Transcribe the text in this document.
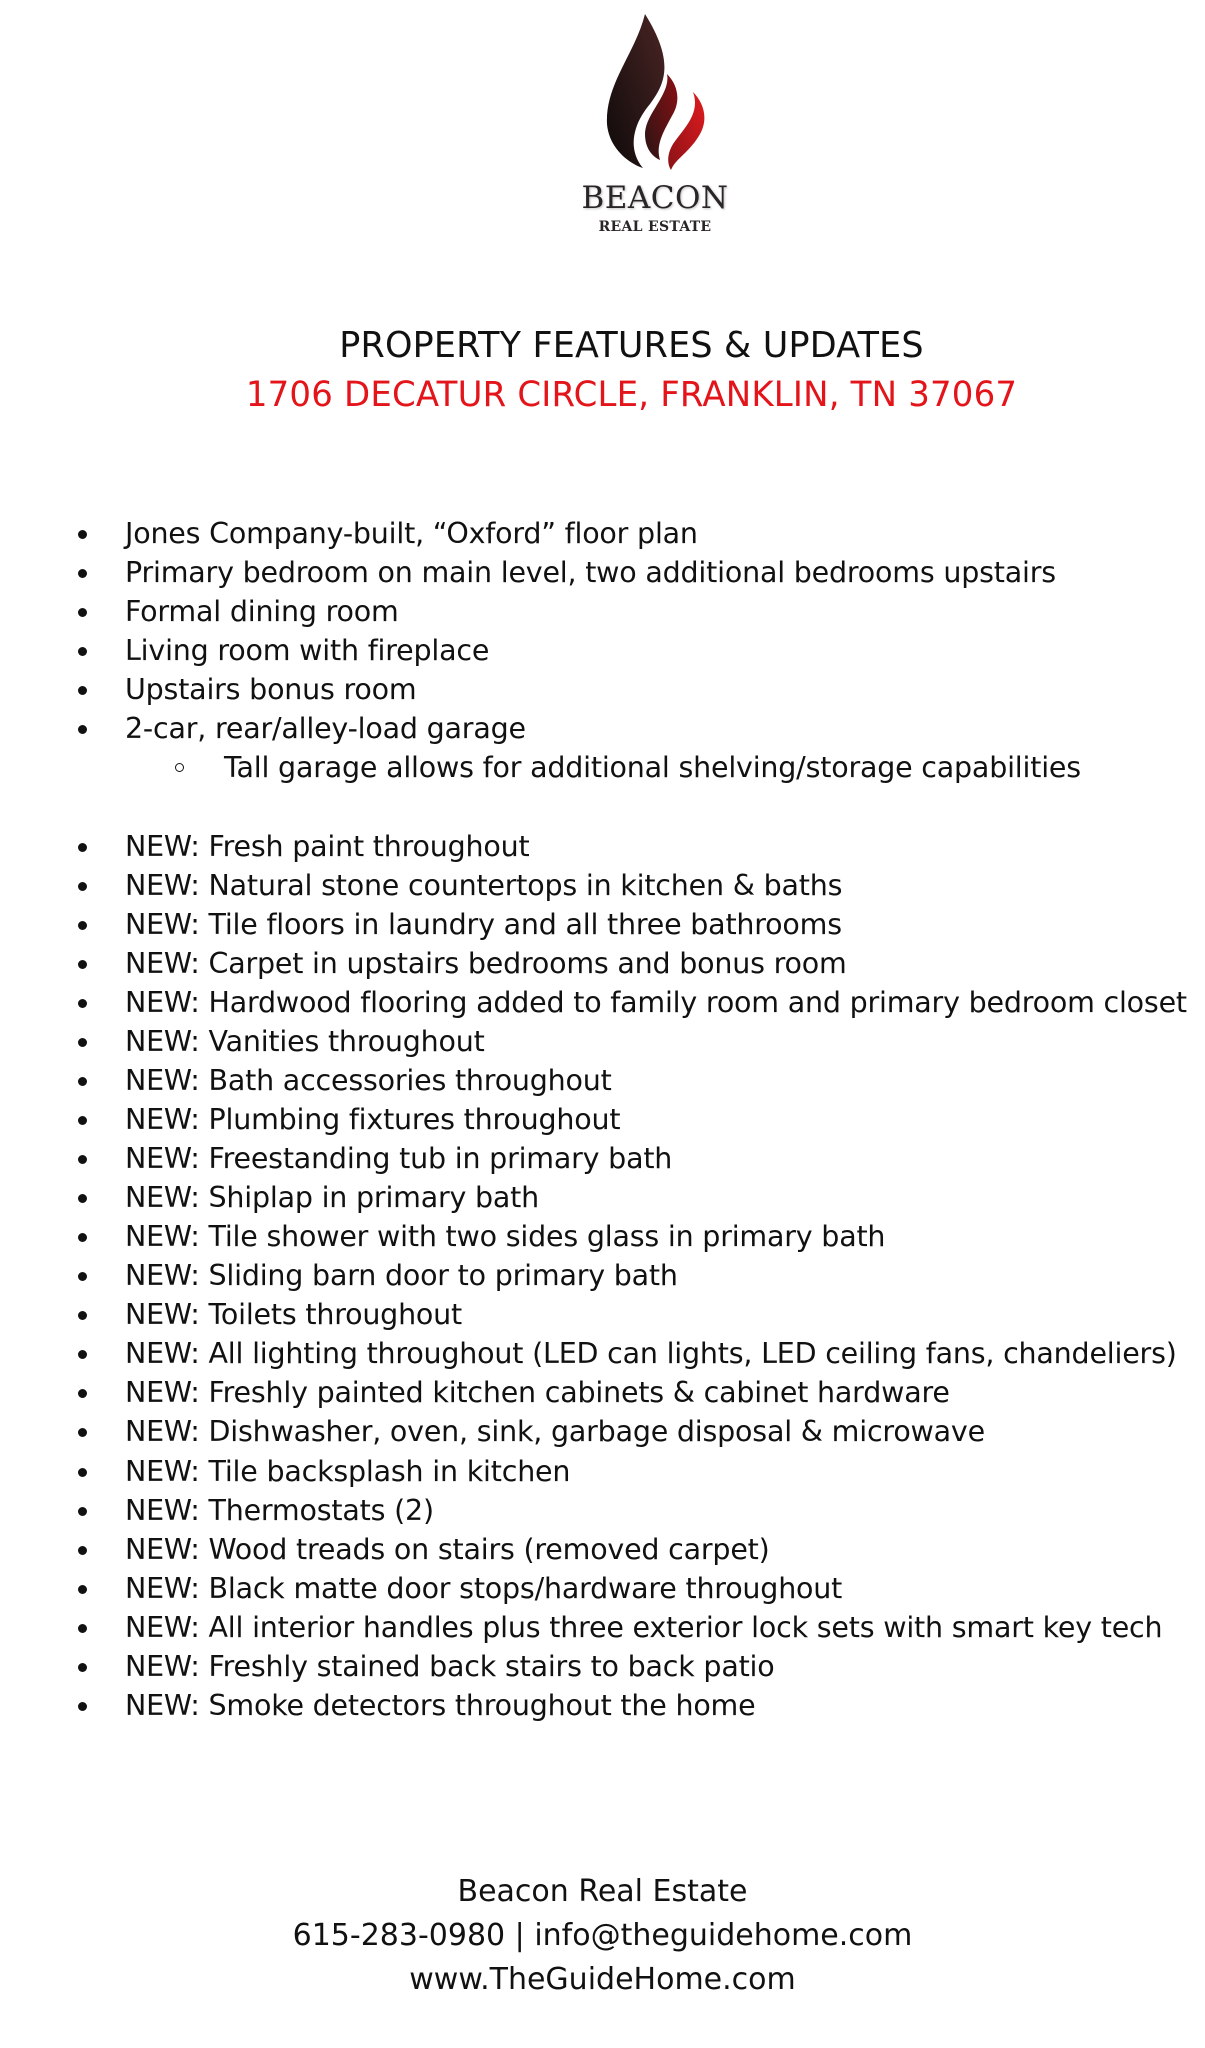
BEACON
REAL ESTATE
PROPERTY FEATURES & UPDATES
1706 DECATUR CIRCLE, FRANKLIN, TN 37067
Jones Company-built, “Oxford” floor plan
Primary bedroom on main level, two additional bedrooms upstairs
Formal dining room
Living room with fireplace
Upstairs bonus room
2-car, rear/alley-load garage
Tall garage allows for additional shelving/storage capabilities
NEW: Fresh paint throughout
NEW: Natural stone countertops in kitchen & baths
NEW: Tile floors in laundry and all three bathrooms
NEW: Carpet in upstairs bedrooms and bonus room
NEW: Hardwood flooring added to family room and primary bedroom closet
NEW: Vanities throughout
NEW: Bath accessories throughout
NEW: Plumbing fixtures throughout
NEW: Freestanding tub in primary bath
NEW: Shiplap in primary bath
NEW: Tile shower with two sides glass in primary bath
NEW: Sliding barn door to primary bath
NEW: Toilets throughout
NEW: All lighting throughout (LED can lights, LED ceiling fans, chandeliers)
NEW: Freshly painted kitchen cabinets & cabinet hardware
NEW: Dishwasher, oven, sink, garbage disposal & microwave
NEW: Tile backsplash in kitchen
NEW: Thermostats (2)
NEW: Wood treads on stairs (removed carpet)
NEW: Black matte door stops/hardware throughout
NEW: All interior handles plus three exterior lock sets with smart key tech
NEW: Freshly stained back stairs to back patio
NEW: Smoke detectors throughout the home
Beacon Real Estate
615-283-0980 | info@theguidehome.com
www.TheGuideHome.com
